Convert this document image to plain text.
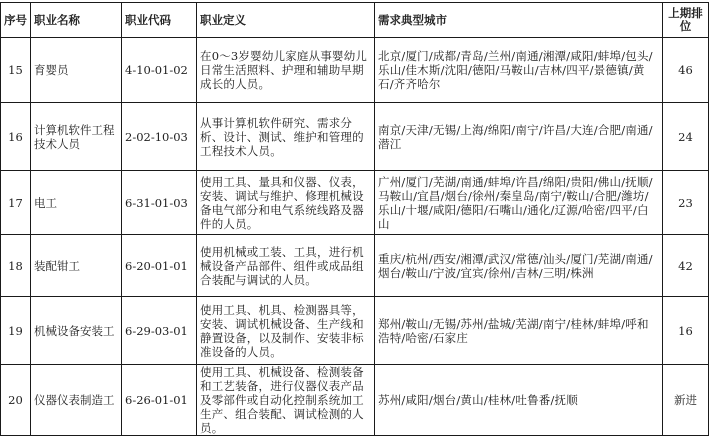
序号	职业名称	职业代码	职业定义	需求典型城市	上期排位
15	育婴员	4-10-01-02	在0～3岁婴幼儿家庭从事婴幼儿日常生活照料、护理和辅助早期成长的人员。	北京/厦门/成都/青岛/兰州/南通/湘潭/咸阳/蚌埠/包头/乐山/佳木斯/沈阳/德阳/马鞍山/吉林/四平/景德镇/黄石/齐齐哈尔	46
16	计算机软件工程技术人员	2-02-10-03	从事计算机软件研究、需求分析、设计、测试、维护和管理的工程技术人员。	南京/天津/无锡/上海/绵阳/南宁/许昌/大连/合肥/南通/潜江	24
17	电工	6-31-01-03	使用工具、量具和仪器、仪表，安装、调试与维护、修理机械设备电气部分和电气系统线路及器件的人员。	广州/厦门/芜湖/南通/蚌埠/许昌/绵阳/贵阳/佛山/抚顺/马鞍山/宜昌/烟台/徐州/秦皇岛/南宁/鞍山/合肥/潍坊/乐山/十堰/咸阳/德阳/石嘴山/通化/辽源/哈密/四平/白山	23
18	装配钳工	6-20-01-01	使用机械或工装、工具，进行机械设备产品部件、组件或成品组合装配与调试的人员。	重庆/杭州/西安/湘潭/武汉/常德/汕头/厦门/芜湖/南通/烟台/鞍山/宁波/宜宾/徐州/吉林/三明/株洲	42
19	机械设备安装工	6-29-03-01	使用工具、机具、检测器具等，安装、调试机械设备、生产线和静置设备，以及制作、安装非标准设备的人员。	郑州/鞍山/无锡/苏州/盐城/芜湖/南宁/桂林/蚌埠/呼和浩特/哈密/石家庄	16
20	仪器仪表制造工	6-26-01-01	使用工具、机械设备、检测装备和工艺装备，进行仪器仪表产品及零部件或自动化控制系统加工生产、组合装配、调试检测的人员。	苏州/咸阳/烟台/黄山/桂林/吐鲁番/抚顺	新进
